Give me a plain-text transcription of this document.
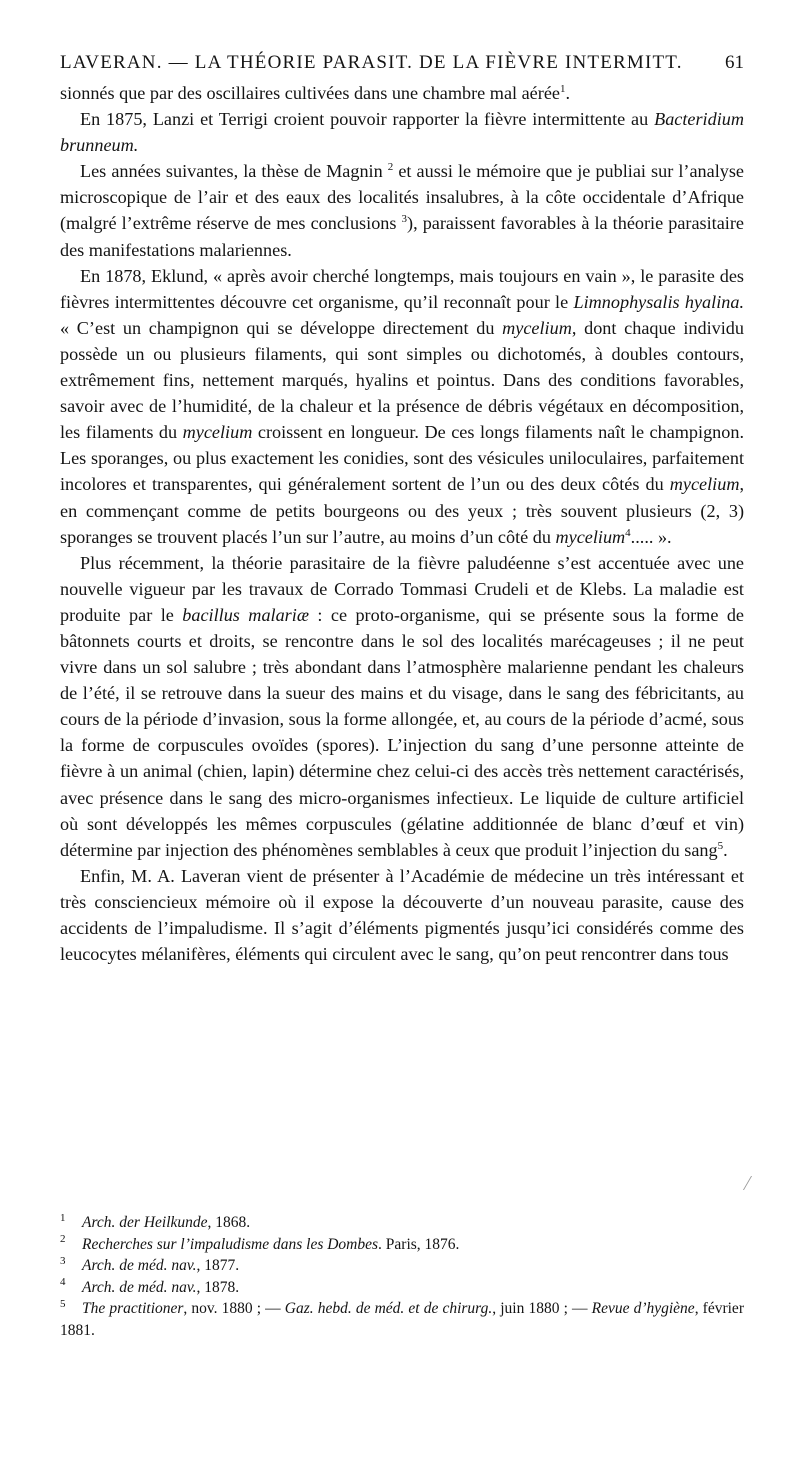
LAVERAN. — LA THÉORIE PARASIT. DE LA FIÈVRE INTERMITT. 61

sionnés que par des oscillaires cultivées dans une chambre mal aérée$^1$.

En 1875, Lanzi et Terrigi croient pouvoir rapporter la fièvre intermittente au Bacteridium brunneum.

Les années suivantes, la thèse de Magnin $^2$ et aussi le mémoire que je publiai sur l’analyse microscopique de l’air et des eaux des localités insalubres, à la côte occidentale d’Afrique (malgré l’extrême réserve de mes conclusions $^3$), paraissent favorables à la théorie parasitaire des manifestations malariennes.

En 1878, Eklund, « après avoir cherché longtemps, mais toujours en vain », le parasite des fièvres intermittentes découvre cet organisme, qu’il reconnaît pour le Limnophysalis hyalina. « C’est un champignon qui se développe directement du mycelium, dont chaque individu possède un ou plusieurs filaments, qui sont simples ou dichotomés, à doubles contours, extrêmement fins, nettement marqués, hyalins et pointus. Dans des conditions favorables, savoir avec de l’humidité, de la chaleur et la présence de débris végétaux en décomposition, les filaments du mycelium croissent en longueur. De ces longs filaments naît le champignon. Les sporanges, ou plus exactement les conidies, sont des vésicules uniloculaires, parfaitement incolores et transparentes, qui généralement sortent de l’un ou des deux côtés du mycelium, en commençant comme de petits bourgeons ou des yeux ; très souvent plusieurs (2, 3) sporanges se trouvent placés l’un sur l’autre, au moins d’un côté du mycelium$^4$..... ».

Plus récemment, la théorie parasitaire de la fièvre paludéenne s’est accentuée avec une nouvelle vigueur par les travaux de Corrado Tommasi Crudeli et de Klebs. La maladie est produite par le bacillus malariæ : ce proto-organisme, qui se présente sous la forme de bâtonnets courts et droits, se rencontre dans le sol des localités marécageuses ; il ne peut vivre dans un sol salubre ; très abondant dans l’atmosphère malarienne pendant les chaleurs de l’été, il se retrouve dans la sueur des mains et du visage, dans le sang des fébricitants, au cours de la période d’invasion, sous la forme allongée, et, au cours de la période d’acmé, sous la forme de corpuscules ovoïdes (spores). L’injection du sang d’une personne atteinte de fièvre à un animal (chien, lapin) détermine chez celui-ci des accès très nettement caractérisés, avec présence dans le sang des micro-organismes infectieux. Le liquide de culture artificiel où sont développés les mêmes corpuscules (gélatine additionnée de blanc d’œuf et vin) détermine par injection des phénomènes semblables à ceux que produit l’injection du sang$^5$.

Enfin, M. A. Laveran vient de présenter à l’Académie de médecine un très intéressant et très consciencieux mémoire où il expose la découverte d’un nouveau parasite, cause des accidents de l’impaludisme. Il s’agit d’éléments pigmentés jusqu’ici considérés comme des leucocytes mélanifères, éléments qui circulent avec le sang, qu’on peut rencontrer dans tous

1 Arch. der Heilkunde, 1868.

2 Recherches sur l’impaludisme dans les Dombes. Paris, 1876.

3 Arch. de méd. nav., 1877.

4 Arch. de méd. nav., 1878.

5 The practitioner, nov. 1880 ; — Gaz. hebd. de méd. et de chirurg., juin 1880 ; — Revue d’hygiène, février 1881.
